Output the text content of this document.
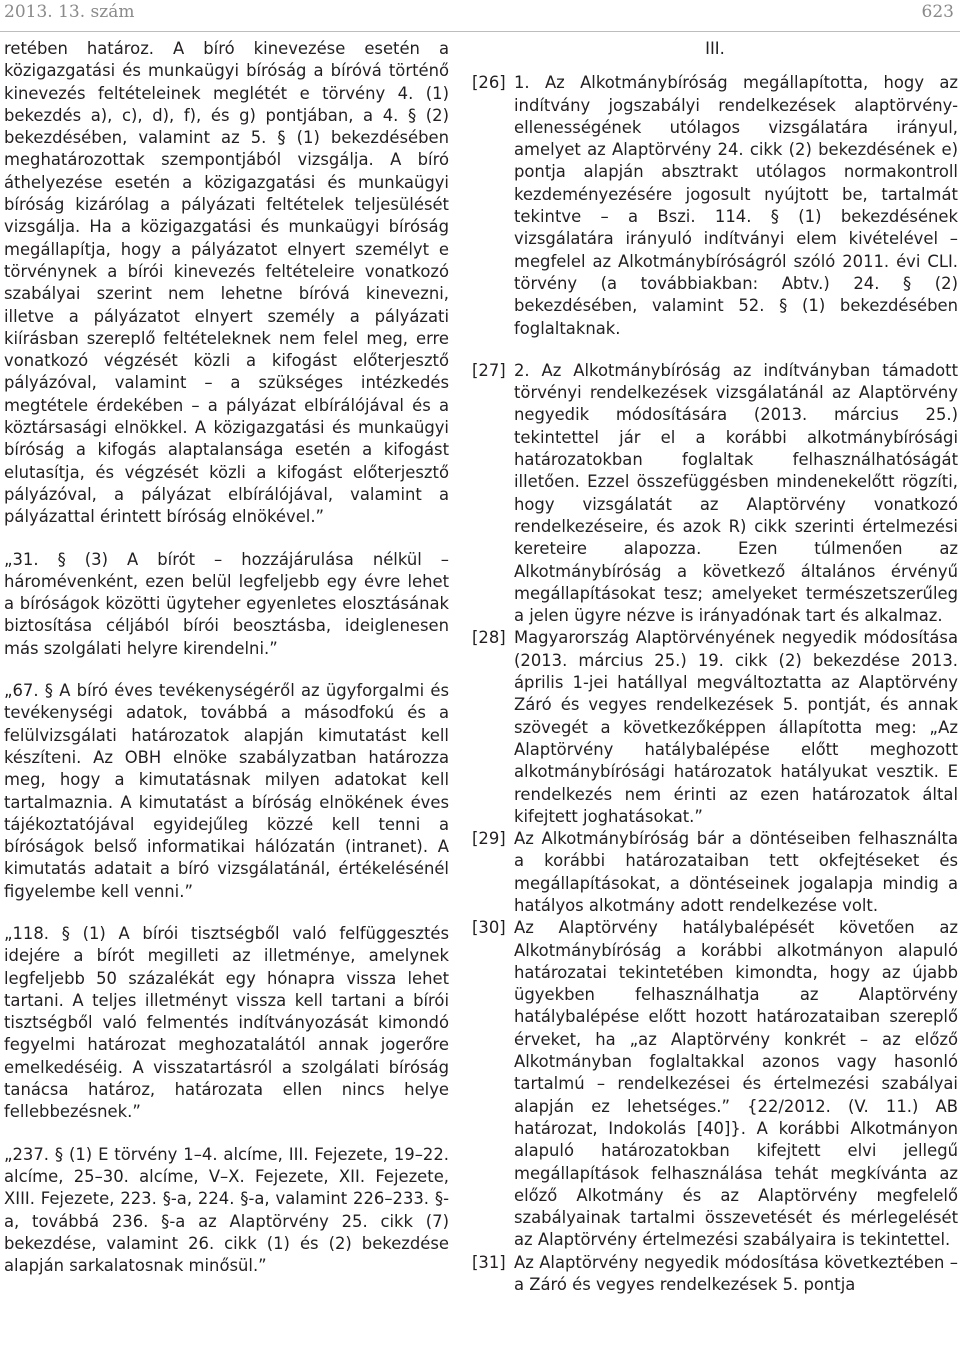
2013. 13. szám	623

retében határoz. A bíró kinevezése esetén a közigazgatási és munkaügyi bíróság a bíróvá történő kinevezés feltételeinek meglétét e törvény 4. (1) bekezdés a), c), d), f), és g) pontjában, a 4. § (2) bekezdésében, valamint az 5. § (1) bekezdésében meghatározottak szempontjából vizsgálja. A bíró áthelyezése esetén a közigazgatási és munkaügyi bíróság kizárólag a pályázati feltételek teljesülését vizsgálja. Ha a közigazgatási és munkaügyi bíróság megállapítja, hogy a pályázatot elnyert személyt e törvénynek a bírói kinevezés feltételeire vonatkozó szabályai szerint nem lehetne bíróvá kinevezni, illetve a pályázatot elnyert személy a pályázati kiírásban szereplő feltételeknek nem felel meg, erre vonatkozó végzését közli a kifogást előterjesztő pályázóval, valamint – a szükséges intézkedés megtétele érdekében – a pályázat elbírálójával és a köztársasági elnökkel. A közigazgatási és munkaügyi bíróság a kifogás alaptalansága esetén a kifogást elutasítja, és végzését közli a kifogást előterjesztő pályázóval, a pályázat elbírálójával, valamint a pályázattal érintett bíróság elnökével.”

„31. § (3) A bírót – hozzájárulása nélkül – háromévenként, ezen belül legfeljebb egy évre lehet a bíróságok közötti ügyteher egyenletes elosztásának biztosítása céljából bírói beosztásba, ideiglenesen más szolgálati helyre kirendelni.”

„67. § A bíró éves tevékenységéről az ügyforgalmi és tevékenységi adatok, továbbá a másodfokú és a felülvizsgálati határozatok alapján kimutatást kell készíteni. Az OBH elnöke szabályzatban határozza meg, hogy a kimutatásnak milyen adatokat kell tartalmaznia. A kimutatást a bíróság elnökének éves tájékoztatójával egyidejűleg közzé kell tenni a bíróságok belső informatikai hálózatán (intranet). A kimutatás adatait a bíró vizsgálatánál, értékelésénél figyelembe kell venni.”

„118. § (1) A bírói tisztségből való felfüggesztés idejére a bírót megilleti az illetménye, amelynek legfeljebb 50 százalékát egy hónapra vissza lehet tartani. A teljes illetményt vissza kell tartani a bírói tisztségből való felmentés indítványozását kimondó fegyelmi határozat meghozatalától annak jogerőre emelkedéséig. A visszatartásról a szolgálati bíróság tanácsa határoz, határozata ellen nincs helye fellebbezésnek.”

„237. § (1) E törvény 1–4. alcíme, III. Fejezete, 19–22. alcíme, 25–30. alcíme, V–X. Fejezete, XII. Fejezete, XIII. Fejezete, 223. §-a, 224. §-a, valamint 226–233. §-a, továbbá 236. §-a az Alaptörvény 25. cikk (7) bekezdése, valamint 26. cikk (1) és (2) bekezdése alapján sarkalatosnak minősül.”

III.

[26] 1. Az Alkotmánybíróság megállapította, hogy az indítvány jogszabályi rendelkezések alaptörvény-ellenességének utólagos vizsgálatára irányul, amelyet az Alaptörvény 24. cikk (2) bekezdésének e) pontja alapján absztrakt utólagos normakontroll kezdeményezésére jogosult nyújtott be, tartalmát tekintve – a Bszi. 114. § (1) bekezdésének vizsgálatára irányuló indítványi elem kivételével – megfelel az Alkotmánybíróságról szóló 2011. évi CLI. törvény (a továbbiakban: Abtv.) 24. § (2) bekezdésében, valamint 52. § (1) bekezdésében foglaltaknak.
[27] 2. Az Alkotmánybíróság az indítványban támadott törvényi rendelkezések vizsgálatánál az Alaptörvény negyedik módosítására (2013. március 25.) tekintettel jár el a korábbi alkotmánybírósági határozatokban foglaltak felhasználhatóságát illetően. Ezzel összefüggésben mindenekelőtt rögzíti, hogy vizsgálatát az Alaptörvény vonatkozó rendelkezéseire, és azok R) cikk szerinti értelmezési kereteire alapozza. Ezen túlmenően az Alkotmánybíróság a következő általános érvényű megállapításokat tesz; amelyeket természetszerűleg a jelen ügyre nézve is irányadónak tart és alkalmaz.
[28] Magyarország Alaptörvényének negyedik módosítása (2013. március 25.) 19. cikk (2) bekezdése 2013. április 1-jei hatállyal megváltoztatta az Alaptörvény Záró és vegyes rendelkezések 5. pontját, és annak szövegét a következőképpen állapította meg: „Az Alaptörvény hatálybalépése előtt meghozott alkotmánybírósági határozatok hatályukat vesztik. E rendelkezés nem érinti az ezen határozatok által kifejtett joghatásokat.”
[29] Az Alkotmánybíróság bár a döntéseiben felhasználta a korábbi határozataiban tett okfejtéseket és megállapításokat, a döntéseinek jogalapja mindig a hatályos alkotmány adott rendelkezése volt.
[30] Az Alaptörvény hatálybalépését követően az Alkotmánybíróság a korábbi alkotmányon alapuló határozatai tekintetében kimondta, hogy az újabb ügyekben felhasználhatja az Alaptörvény hatálybalépése előtt hozott határozataiban szereplő érveket, ha „az Alaptörvény konkrét – az előző Alkotmányban foglaltakkal azonos vagy hasonló tartalmú – rendelkezései és értelmezési szabályai alapján ez lehetséges.” {22/2012. (V. 11.) AB határozat, Indokolás [40]}. A korábbi Alkotmányon alapuló határozatokban kifejtett elvi jellegű megállapítások felhasználása tehát megkívánta az előző Alkotmány és az Alaptörvény megfelelő szabályainak tartalmi összevetését és mérlegelését az Alaptörvény értelmezési szabályaira is tekintettel.
[31] Az Alaptörvény negyedik módosítása következtében – a Záró és vegyes rendelkezések 5. pontja
